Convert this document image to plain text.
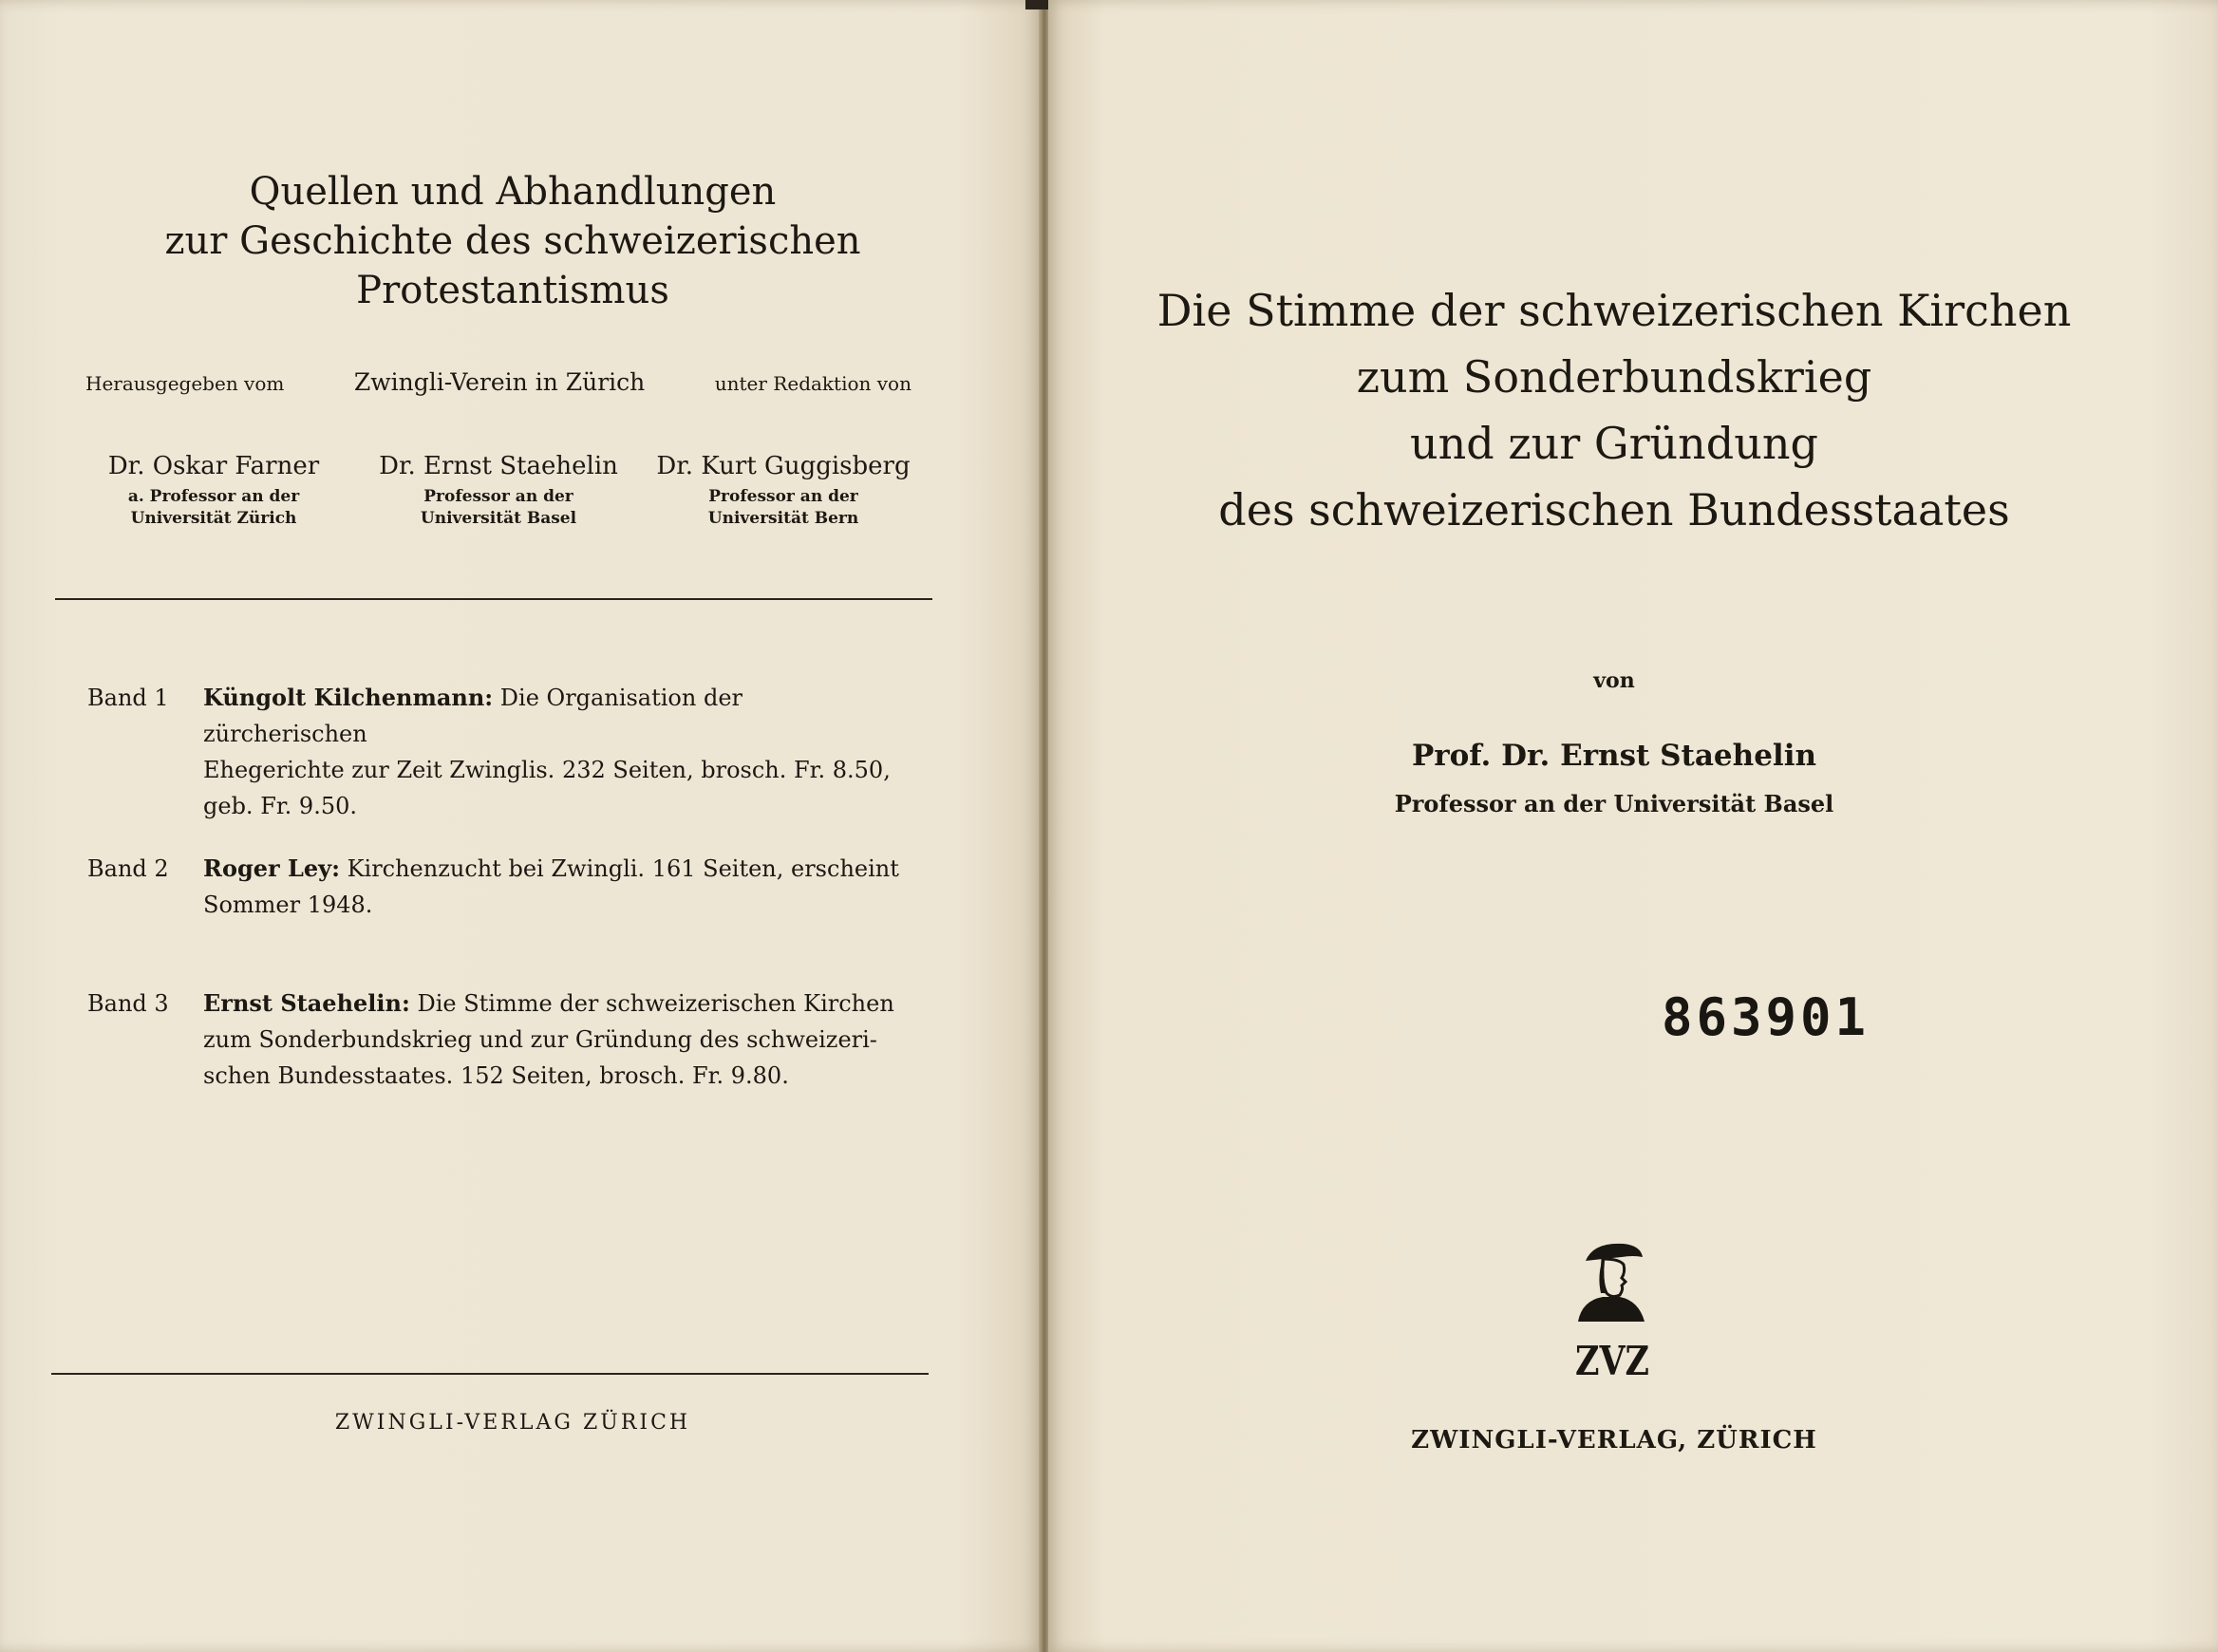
Quellen und Abhandlungen
zur Geschichte des schweizerischen
Protestantismus
Herausgegeben vom	Zwingli-Verein in Zürich	unter Redaktion von
Dr. Oskar Farner
a. Professor an der
Universität Zürich
Dr. Ernst Staehelin
Professor an der
Universität Basel
Dr. Kurt Guggisberg
Professor an der
Universität Bern
Band 1	Küngolt Kilchenmann: Die Organisation der zürcherischen
Ehegerichte zur Zeit Zwinglis. 232 Seiten, brosch. Fr. 8.50,
geb. Fr. 9.50.
Band 2	Roger Ley: Kirchenzucht bei Zwingli. 161 Seiten, erscheint
Sommer 1948.
Band 3	Ernst Staehelin: Die Stimme der schweizerischen Kirchen
zum Sonderbundskrieg und zur Gründung des schweizeri-
schen Bundesstaates. 152 Seiten, brosch. Fr. 9.80.
ZWINGLI-VERLAG ZÜRICH
Die Stimme der schweizerischen Kirchen
zum Sonderbundskrieg
und zur Gründung
des schweizerischen Bundesstaates
von
Prof. Dr. Ernst Staehelin
Professor an der Universität Basel
863901
ZVZ
ZWINGLI-VERLAG, ZÜRICH
